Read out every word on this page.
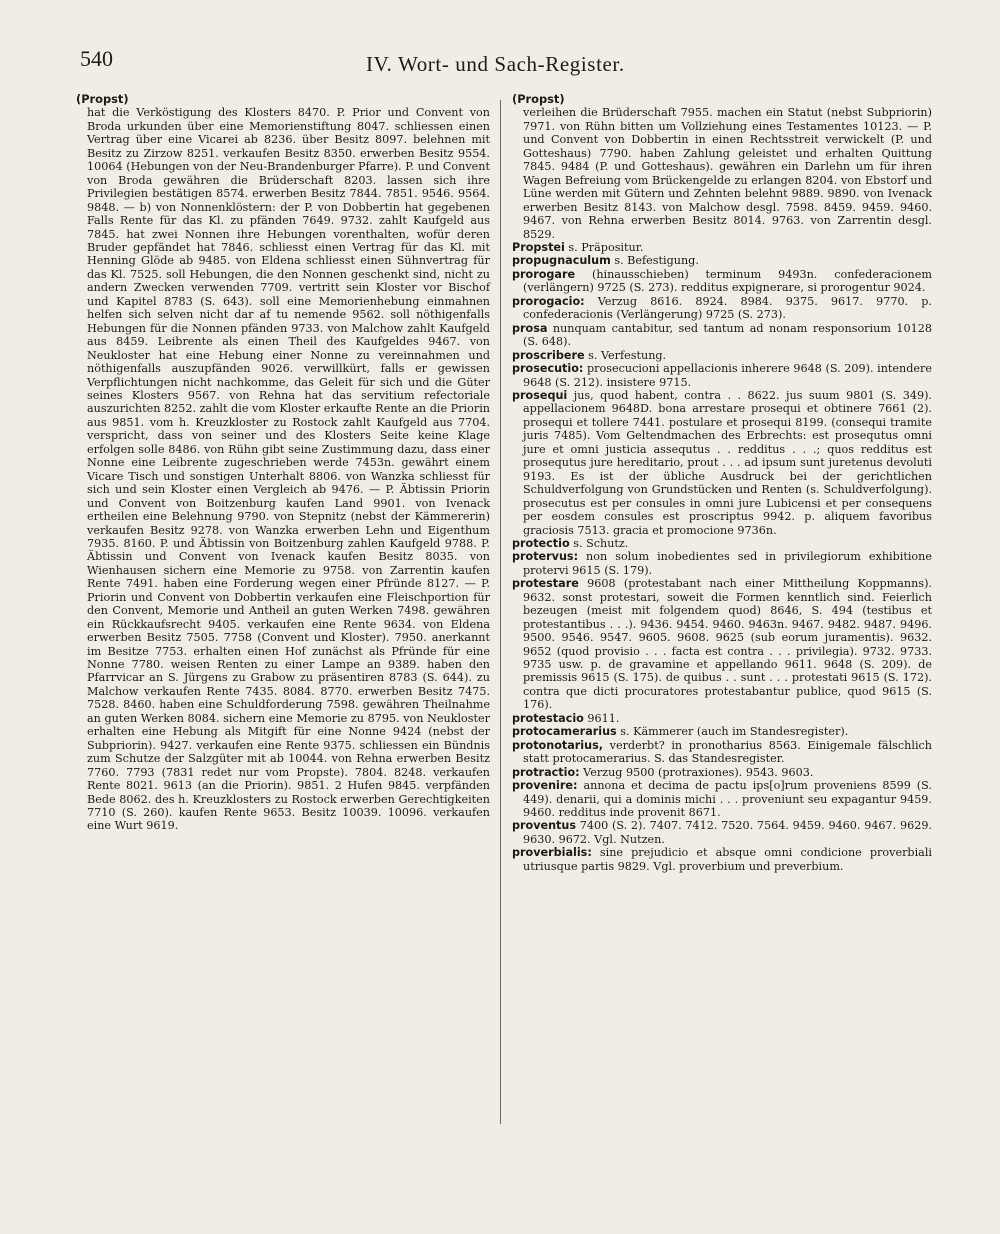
540	IV. Wort- und Sach-Register.
(Propst)
hat die Verköstigung des Klosters 8470. P. Prior und Convent von Broda urkunden über eine Memorienstiftung 8047. schliessen einen Vertrag über eine Vicarei ab 8236. über Besitz 8097. belehnen mit Besitz zu Zirzow 8251. verkaufen Besitz 8350. erwerben Besitz 9554. 10064 (Hebungen von der Neu-Brandenburger Pfarre). P. und Convent von Broda gewähren die Brüderschaft 8203. lassen sich ihre Privilegien bestätigen 8574. erwerben Besitz 7844. 7851. 9546. 9564. 9848. — b) von Nonnenklöstern: der P. von Dobbertin hat gegebenen Falls Rente für das Kl. zu pfänden 7649. 9732. zahlt Kaufgeld aus 7845. hat zwei Nonnen ihre Hebungen vorenthalten, wofür deren Bruder gepfändet hat 7846. schliesst einen Vertrag für das Kl. mit Henning Glöde ab 9485. von Eldena schliesst einen Sühnvertrag für das Kl. 7525. soll Hebungen, die den Nonnen geschenkt sind, nicht zu andern Zwecken verwenden 7709. vertritt sein Kloster vor Bischof und Kapitel 8783 (S. 643). soll eine Memorienhebung einmahnen helfen sich selven nicht dar af tu nemende 9562. soll nöthigenfalls Hebungen für die Nonnen pfänden 9733. von Malchow zahlt Kaufgeld aus 8459. Leibrente als einen Theil des Kaufgeldes 9467. von Neukloster hat eine Hebung einer Nonne zu vereinnahmen und nöthigenfalls auszupfänden 9026. verwillkürt, falls er gewissen Verpflichtungen nicht nachkomme, das Geleit für sich und die Güter seines Klosters 9567. von Rehna hat das servitium refectoriale auszurichten 8252. zahlt die vom Kloster erkaufte Rente an die Priorin aus 9851. vom h. Kreuzkloster zu Rostock zahlt Kaufgeld aus 7704. verspricht, dass von seiner und des Klosters Seite keine Klage erfolgen solle 8486. von Rühn gibt seine Zustimmung dazu, dass einer Nonne eine Leibrente zugeschrieben werde 7453n. gewährt einem Vicare Tisch und sonstigen Unterhalt 8806. von Wanzka schliesst für sich und sein Kloster einen Vergleich ab 9476. — P. Äbtissin Priorin und Convent von Boitzenburg kaufen Land 9901. von Ivenack ertheilen eine Belehnung 9790. von Stepnitz (nebst der Kämmererin) verkaufen Besitz 9278. von Wanzka erwerben Lehn und Eigenthum 7935. 8160. P. und Äbtissin von Boitzenburg zahlen Kaufgeld 9788. P. Äbtissin und Convent von Ivenack kaufen Besitz 8035. von Wienhausen sichern eine Memorie zu 9758. von Zarrentin kaufen Rente 7491. haben eine Forderung wegen einer Pfründe 8127. — P. Priorin und Convent von Dobbertin verkaufen eine Fleischportion für den Convent, Memorie und Antheil an guten Werken 7498. gewähren ein Rückkaufsrecht 9405. verkaufen eine Rente 9634. von Eldena erwerben Besitz 7505. 7758 (Convent und Kloster). 7950. anerkannt im Besitze 7753. erhalten einen Hof zunächst als Pfründe für eine Nonne 7780. weisen Renten zu einer Lampe an 9389. haben den Pfarrvicar an S. Jürgens zu Grabow zu präsentiren 8783 (S. 644). zu Malchow verkaufen Rente 7435. 8084. 8770. erwerben Besitz 7475. 7528. 8460. haben eine Schuldforderung 7598. gewähren Theilnahme an guten Werken 8084. sichern eine Memorie zu 8795. von Neukloster erhalten eine Hebung als Mitgift für eine Nonne 9424 (nebst der Subpriorin). 9427. verkaufen eine Rente 9375. schliessen ein Bündnis zum Schutze der Salzgüter mit ab 10044. von Rehna erwerben Besitz 7760. 7793 (7831 redet nur vom Propste). 7804. 8248. verkaufen Rente 8021. 9613 (an die Priorin). 9851. 2 Hufen 9845. verpfänden Bede 8062. des h. Kreuzklosters zu Rostock erwerben Gerechtigkeiten 7710 (S. 260). kaufen Rente 9653. Besitz 10039. 10096. verkaufen eine Wurt 9619.
(Propst)
verleihen die Brüderschaft 7955. machen ein Statut (nebst Subpriorin) 7971. von Rühn bitten um Vollziehung eines Testamentes 10123. — P. und Convent von Dobbertin in einen Rechtsstreit verwickelt (P. und Gotteshaus) 7790. haben Zahlung geleistet und erhalten Quittung 7845. 9484 (P. und Gotteshaus). gewähren ein Darlehn um für ihren Wagen Befreiung vom Brückengelde zu erlangen 8204. von Ebstorf und Lüne werden mit Gütern und Zehnten belehnt 9889. 9890. von Ivenack erwerben Besitz 8143. von Malchow desgl. 7598. 8459. 9459. 9460. 9467. von Rehna erwerben Besitz 8014. 9763. von Zarrentin desgl. 8529.
Propstei s. Präpositur.
propugnaculum s. Befestigung.
prorogare (hinausschieben) terminum 9493n. confederacionem (verlängern) 9725 (S. 273). redditus expignerare, si prorogentur 9024.
prorogacio: Verzug 8616. 8924. 8984. 9375. 9617. 9770. p. confederacionis (Verlängerung) 9725 (S. 273).
prosa nunquam cantabitur, sed tantum ad nonam responsorium 10128 (S. 648).
proscribere s. Verfestung.
prosecutio: prosecucioni appellacionis inherere 9648 (S. 209). intendere 9648 (S. 212). insistere 9715.
prosequi jus, quod habent, contra . . 8622. jus suum 9801 (S. 349). appellacionem 9648D. bona arrestare prosequi et obtinere 7661 (2). prosequi et tollere 7441. postulare et prosequi 8199. (consequi tramite juris 7485). Vom Geltendmachen des Erbrechts: est prosequtus omni jure et omni justicia assequtus . . redditus . . .; quos redditus est prosequtus jure hereditario, prout . . . ad ipsum sunt juretenus devoluti 9193. Es ist der übliche Ausdruck bei der gerichtlichen Schuldverfolgung von Grundstücken und Renten (s. Schuldverfolgung). prosecutus est per consules in omni jure Lubicensi et per consequens per eosdem consules est proscriptus 9942. p. aliquem favoribus graciosis 7513. gracia et promocione 9736n.
protectio s. Schutz.
protervus: non solum inobedientes sed in privilegiorum exhibitione protervi 9615 (S. 179).
protestare 9608 (protestabant nach einer Mittheilung Koppmanns). 9632. sonst protestari, soweit die Formen kenntlich sind. Feierlich bezeugen (meist mit folgendem quod) 8646, S. 494 (testibus et protestantibus . . .). 9436. 9454. 9460. 9463n. 9467. 9482. 9487. 9496. 9500. 9546. 9547. 9605. 9608. 9625 (sub eorum juramentis). 9632. 9652 (quod provisio . . . facta est contra . . . privilegia). 9732. 9733. 9735 usw. p. de gravamine et appellando 9611. 9648 (S. 209). de premissis 9615 (S. 175). de quibus . . sunt . . . protestati 9615 (S. 172). contra que dicti procuratores protestabantur publice, quod 9615 (S. 176).
protestacio 9611.
protocamerarius s. Kämmerer (auch im Standesregister).
protonotarius, verderbt? in pronotharius 8563. Einigemale fälschlich statt protocamerarius. S. das Standesregister.
protractio: Verzug 9500 (protraxiones). 9543. 9603.
provenire: annona et decima de pactu ips[o]rum proveniens 8599 (S. 449). denarii, qui a dominis michi . . . proveniunt seu expagantur 9459. 9460. redditus inde provenit 8671.
proventus 7400 (S. 2). 7407. 7412. 7520. 7564. 9459. 9460. 9467. 9629. 9630. 9672. Vgl. Nutzen.
proverbialis: sine prejudicio et absque omni condicione proverbiali utriusque partis 9829. Vgl. proverbium und preverbium.
